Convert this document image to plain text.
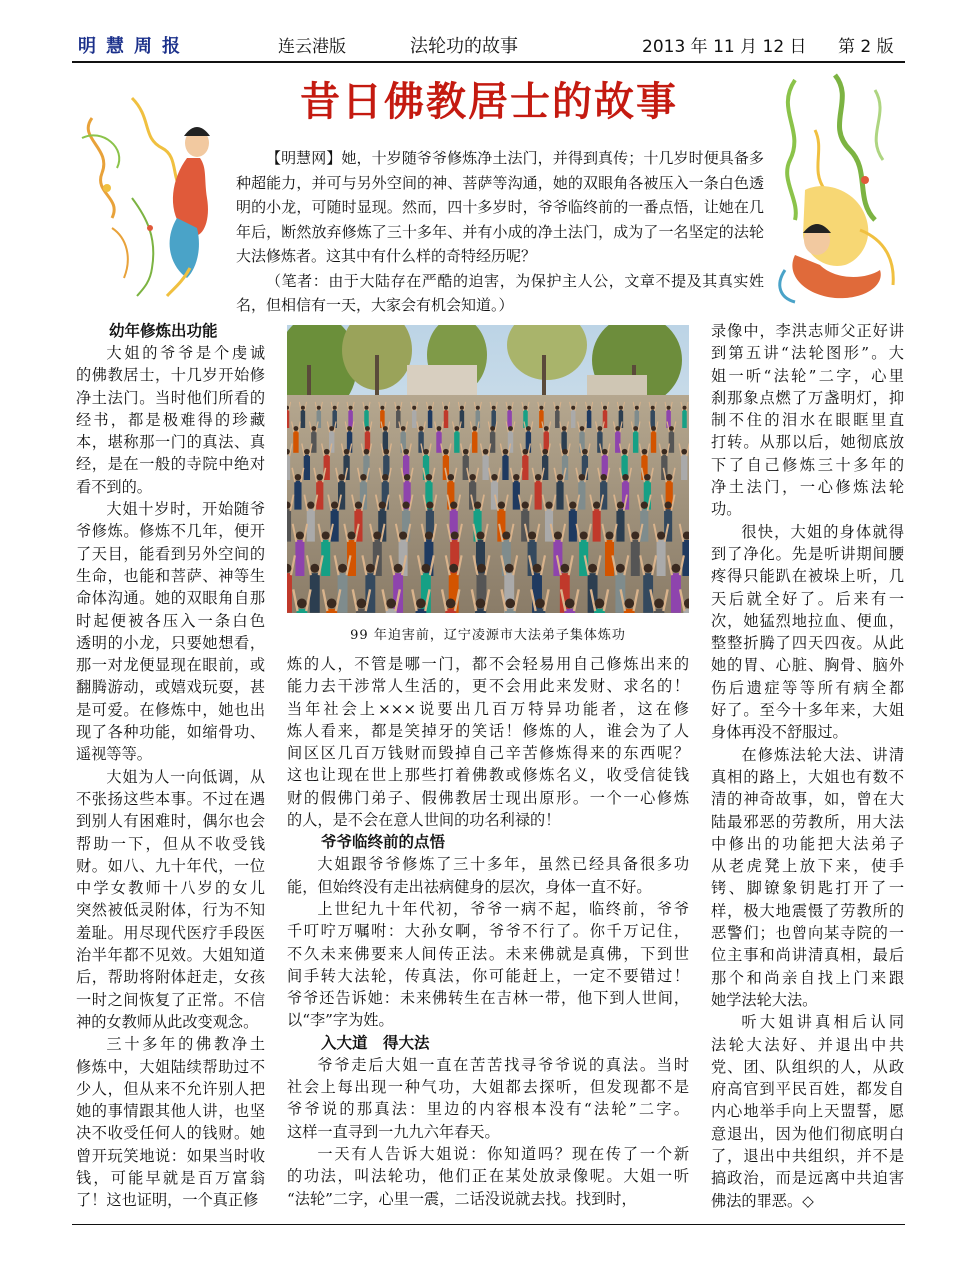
明慧周报	连云港版	法轮功的故事	2013 年 11 月 12 日 第 2 版
昔日佛教居士的故事

【明慧网】她，十岁随爷爷修炼净土法门，并得到真传；十几岁时便具备多种超能力，并可与另外空间的神、菩萨等沟通，她的双眼角各被压入一条白色透明的小龙，可随时显现。然而，四十多岁时，爷爷临终前的一番点悟，让她在几年后，断然放弃修炼了三十多年、并有小成的净土法门，成为了一名坚定的法轮大法修炼者。这其中有什么样的奇特经历呢？

（笔者：由于大陆存在严酷的迫害，为保护主人公，文章不提及其真实姓名，但相信有一天，大家会有机会知道。）

幼年修炼出功能
大姐的爷爷是个虔诚
的佛教居士，十几岁开始修
净土法门。当时他们所看的
经书，都是极难得的珍藏
本，堪称那一门的真法、真
经，是在一般的寺院中绝对
看不到的。
大姐十岁时，开始随爷
爷修炼。修炼不几年，便开
了天目，能看到另外空间的
生命，也能和菩萨、神等生
命体沟通。她的双眼角自那
时起便被各压入一条白色
透明的小龙，只要她想看，
那一对龙便显现在眼前，或
翻腾游动，或嬉戏玩耍，甚
是可爱。在修炼中，她也出
现了各种功能，如缩骨功、
遥视等等。
大姐为人一向低调，从
不张扬这些本事。不过在遇
到别人有困难时，偶尔也会
帮助一下，但从不收受钱
财。如八、九十年代，一位
中学女教师十八岁的女儿
突然被低灵附体，行为不知
羞耻。用尽现代医疗手段医
治半年都不见效。大姐知道
后，帮助将附体赶走，女孩
一时之间恢复了正常。不信
神的女教师从此改变观念。
三十多年的佛教净土
修炼中，大姐陆续帮助过不
少人，但从来不允许别人把
她的事情跟其他人讲，也坚
决不收受任何人的钱财。她
曾开玩笑地说：如果当时收
钱，可能早就是百万富翁
了！这也证明，一个真正修
99 年迫害前，辽宁凌源市大法弟子集体炼功
炼的人，不管是哪一门，都不会轻易用自己修炼出来的
能力去干涉常人生活的，更不会用此来发财、求名的！
当年社会上×××说要出几百万特异功能者，这在修
炼人看来，都是笑掉牙的笑话！修炼的人，谁会为了人
间区区几百万钱财而毁掉自己辛苦修炼得来的东西呢？
这也让现在世上那些打着佛教或修炼名义，收受信徒钱
财的假佛门弟子、假佛教居士现出原形。一个一心修炼
的人，是不会在意人世间的功名利禄的！
爷爷临终前的点悟
大姐跟爷爷修炼了三十多年，虽然已经具备很多功
能，但始终没有走出祛病健身的层次，身体一直不好。
上世纪九十年代初，爷爷一病不起，临终前，爷爷
千叮咛万嘱咐：大孙女啊，爷爷不行了。你千万记住，
不久未来佛要来人间传正法。未来佛就是真佛，下到世
间手转大法轮，传真法，你可能赶上，一定不要错过！
爷爷还告诉她：未来佛转生在吉林一带，他下到人世间，
以“李”字为姓。
入大道　得大法
爷爷走后大姐一直在苦苦找寻爷爷说的真法。当时
社会上每出现一种气功，大姐都去探听，但发现都不是
爷爷说的那真法：里边的内容根本没有“法轮”二字。
这样一直寻到一九九六年春天。
一天有人告诉大姐说：你知道吗？现在传了一个新
的功法，叫法轮功，他们正在某处放录像呢。大姐一听
“法轮”二字，心里一震，二话没说就去找。找到时，
录像中，李洪志师父正好讲
到第五讲“法轮图形”。大
姐一听“法轮”二字，心里
刹那象点燃了万盏明灯，抑
制不住的泪水在眼眶里直
打转。从那以后，她彻底放
下了自己修炼三十多年的
净土法门，一心修炼法轮
功。
很快，大姐的身体就得
到了净化。先是听讲期间腰
疼得只能趴在被垛上听，几
天后就全好了。后来有一
次，她猛烈地拉血、便血，
整整折腾了四天四夜。从此
她的胃、心脏、胸骨、脑外
伤后遗症等等所有病全都
好了。至今十多年来，大姐
身体再没不舒服过。
在修炼法轮大法、讲清
真相的路上，大姐也有数不
清的神奇故事，如，曾在大
陆最邪恶的劳教所，用大法
中修出的功能把大法弟子
从老虎凳上放下来，使手
铐、脚镣象钥匙打开了一
样，极大地震慑了劳教所的
恶警们；也曾向某寺院的一
位主事和尚讲清真相，最后
那个和尚亲自找上门来跟
她学法轮大法。
听大姐讲真相后认同
法轮大法好、并退出中共
党、团、队组织的人，从政
府高官到平民百姓，都发自
内心地举手向上天盟誓，愿
意退出，因为他们彻底明白
了，退出中共组织，并不是
搞政治，而是远离中共迫害
佛法的罪恶。◇
